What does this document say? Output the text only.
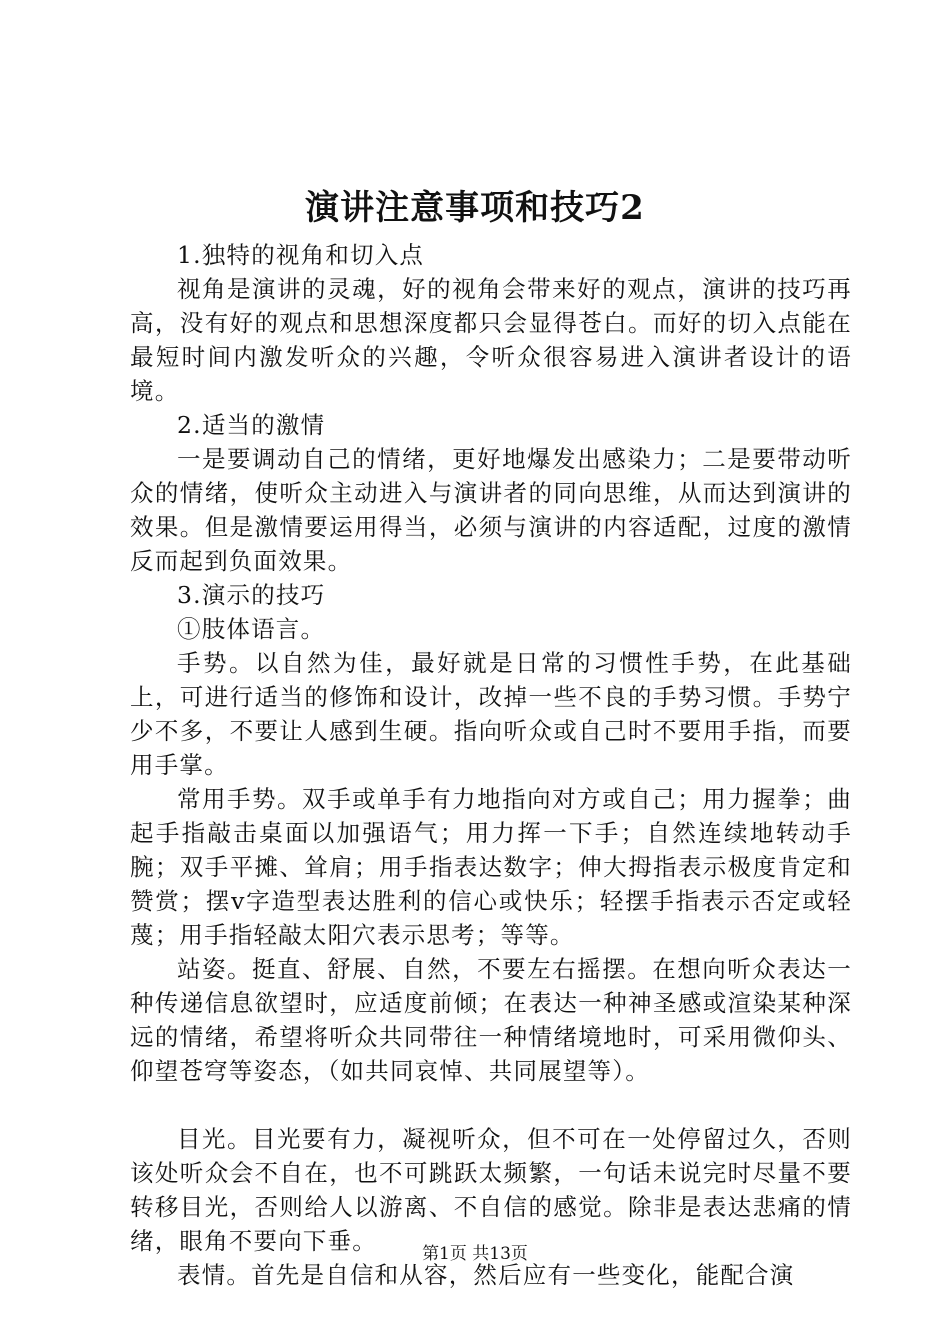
演讲注意事项和技巧2

1.独特的视角和切入点

视角是演讲的灵魂，好的视角会带来好的观点，演讲的技巧再高，没有好的观点和思想深度都只会显得苍白。而好的切入点能在最短时间内激发听众的兴趣，令听众很容易进入演讲者设计的语境。

2.适当的激情

一是要调动自己的情绪，更好地爆发出感染力；二是要带动听众的情绪，使听众主动进入与演讲者的同向思维，从而达到演讲的效果。但是激情要运用得当，必须与演讲的内容适配，过度的激情反而起到负面效果。

3.演示的技巧

①肢体语言。

手势。以自然为佳，最好就是日常的习惯性手势，在此基础上，可进行适当的修饰和设计，改掉一些不良的手势习惯。手势宁少不多，不要让人感到生硬。指向听众或自己时不要用手指，而要用手掌。

常用手势。双手或单手有力地指向对方或自己；用力握拳；曲起手指敲击桌面以加强语气；用力挥一下手；自然连续地转动手腕；双手平摊、耸肩；用手指表达数字；伸大拇指表示极度肯定和赞赏；摆v字造型表达胜利的信心或快乐；轻摆手指表示否定或轻蔑；用手指轻敲太阳穴表示思考；等等。

站姿。挺直、舒展、自然，不要左右摇摆。在想向听众表达一种传递信息欲望时，应适度前倾；在表达一种神圣感或渲染某种深远的情绪，希望将听众共同带往一种情绪境地时，可采用微仰头、仰望苍穹等姿态，（如共同哀悼、共同展望等）。

目光。目光要有力，凝视听众，但不可在一处停留过久，否则该处听众会不自在，也不可跳跃太频繁，一句话未说完时尽量不要转移目光，否则给人以游离、不自信的感觉。除非是表达悲痛的情绪，眼角不要向下垂。

表情。首先是自信和从容，然后应有一些变化，能配合演

第1页 共13页
